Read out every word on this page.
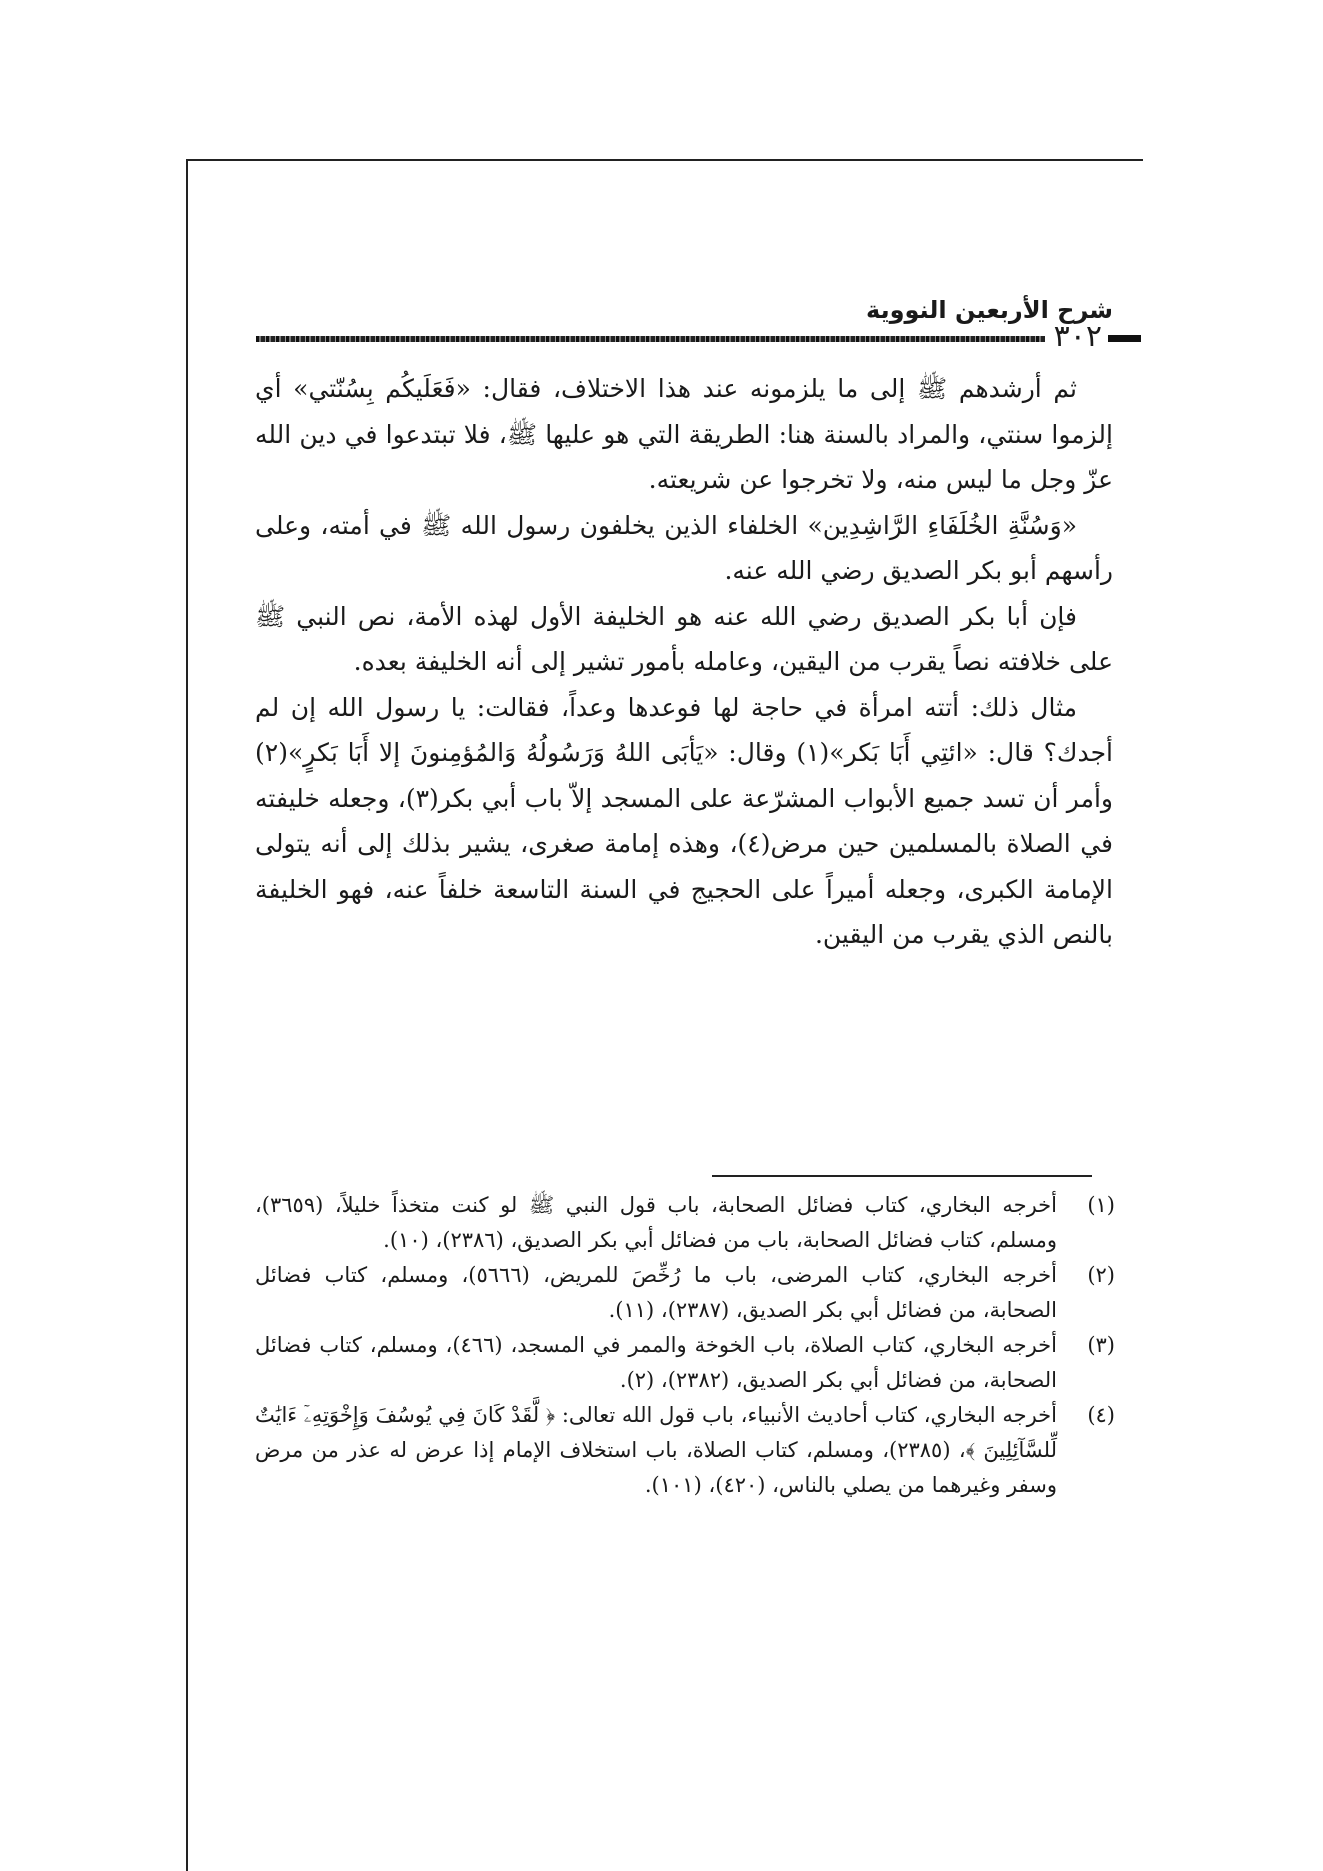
شرح الأربعين النووية
٣٠٢

ثم أرشدهم ﷺ إلى ما يلزمونه عند هذا الاختلاف، فقال: «فَعَلَيكُم بِسُنّتي» أي إلزموا سنتي، والمراد بالسنة هنا: الطريقة التي هو عليها ﷺ، فلا تبتدعوا في دين الله عزّ وجل ما ليس منه، ولا تخرجوا عن شريعته.

«وَسُنَّةِ الخُلَفَاءِ الرَّاشِدِين» الخلفاء الذين يخلفون رسول الله ﷺ في أمته، وعلى رأسهم أبو بكر الصديق رضي الله عنه.

فإن أبا بكر الصديق رضي الله عنه هو الخليفة الأول لهذه الأمة، نص النبي ﷺ على خلافته نصاً يقرب من اليقين، وعامله بأمور تشير إلى أنه الخليفة بعده.

مثال ذلك: أتته امرأة في حاجة لها فوعدها وعداً، فقالت: يا رسول الله إن لم أجدك؟ قال: «ائتِي أَبَا بَكر»(١) وقال: «يَأبَى اللهُ وَرَسُولُهُ وَالمُؤمِنونَ إلا أَبَا بَكرٍ»(٢) وأمر أن تسد جميع الأبواب المشرّعة على المسجد إلاّ باب أبي بكر(٣)، وجعله خليفته في الصلاة بالمسلمين حين مرض(٤)، وهذه إمامة صغرى، يشير بذلك إلى أنه يتولى الإمامة الكبرى، وجعله أميراً على الحجيج في السنة التاسعة خلفاً عنه، فهو الخليفة بالنص الذي يقرب من اليقين.

(١)
أخرجه البخاري، كتاب فضائل الصحابة، باب قول النبي ﷺ لو كنت متخذاً خليلاً، (٣٦٥٩)، ومسلم، كتاب فضائل الصحابة، باب من فضائل أبي بكر الصديق، (٢٣٨٦)، (١٠).
(٢)
أخرجه البخاري، كتاب المرضى، باب ما رُخِّصَ للمريض، (٥٦٦٦)، ومسلم، كتاب فضائل الصحابة، من فضائل أبي بكر الصديق، (٢٣٨٧)، (١١).
(٣)
أخرجه البخاري، كتاب الصلاة، باب الخوخة والممر في المسجد، (٤٦٦)، ومسلم، كتاب فضائل الصحابة، من فضائل أبي بكر الصديق، (٢٣٨٢)، (٢).
(٤)
أخرجه البخاري، كتاب أحاديث الأنبياء، باب قول الله تعالى: ﴿ لَّقَدْ كَانَ فِي يُوسُفَ وَإِخْوَتِهِۦٓ ءَايَٰتٌ لِّلسَّآئِلِينَ ﴾، (٢٣٨٥)، ومسلم، كتاب الصلاة، باب استخلاف الإمام إذا عرض له عذر من مرض وسفر وغيرهما من يصلي بالناس، (٤٢٠)، (١٠١).
